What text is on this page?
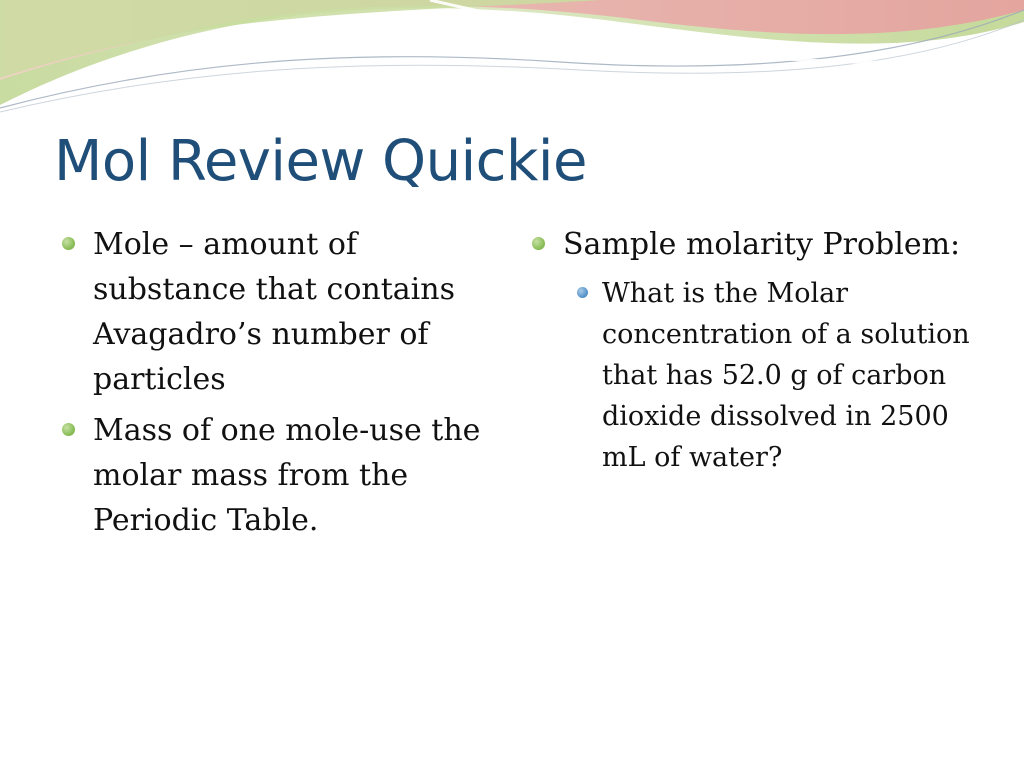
Mol Review Quickie
Mole – amount of substance that contains Avagadro’s number of particles
Mass of one mole-use the molar mass from the Periodic Table.
Sample molarity Problem:
What is the Molar concentration of a solution that has 52.0 g of carbon dioxide dissolved in 2500 mL of water?
